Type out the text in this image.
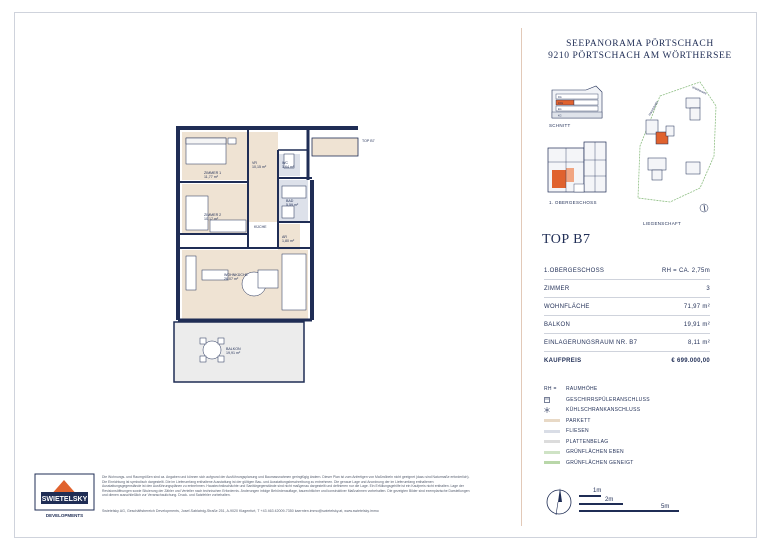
SEEPANORAMA PÖRTSCHACH
9210 PÖRTSCHACH AM WÖRTHERSEE
DG
1OG
EG
KG
SCHNITT
1. OBERGESCHOSS
Wörthersee
Hauptstraße
LIEGENSCHAFT
TOP B7
1.OBERGESCHOSS	RH = CA. 2,75m
ZIMMER	3
WOHNFLÄCHE	71,97 m²
BALKON	19,91 m²
EINLAGERUNGSRAUM NR. B7	8,11 m²
KAUFPREIS	€ 699.000,00
RH =	RAUMHÖHE
GESCHIRRSPÜLERANSCHLUSS
KÜHLSCHRANKANSCHLUSS
PARKETT
FLIESEN
PLATTENBELAG
GRÜNFLÄCHEN EBEN
GRÜNFLÄCHEN GENEIGT
1m
2m
5m
ZIMMER 1
11,77 m²
ZIMMER 2
10,17 m²
VR
10,15 m²
WC
1,64 m²
BAD
5,59 m²
AR
1,80 m²
WOHNKÜCHE
26,07 m²
BALKON
19,91 m²
KÜCHE
TOP B7
SWIETELSKY
DEVELOPMENTS
Die Wohnungs- und Raumgrößen sind ca. Angaben und können sich aufgrund der Ausführungsplanung und Baumassnahmen geringfügig ändern. Dieser Plan ist zum Anfertigen von Maßmöbeln nicht geeignet (dazu sind Naturmaße erforderlich). Die Einrichtung ist symbolisch dargestellt. Die im Lieferumfang enthaltene Ausstattung ist der gültigen Bau- und Ausstattungsbeschreibung zu entnehmen. Die genaue Lage und Anordnung der im Lieferumfang enthaltenen Ausstattungsgegenstände ist den Ausführungsplänen zu entnehmen. Haustechnikschächte und Sanitärgegenstände sind nicht maßgenau dargestellt und definieren nur die Lage. Ein Erfüllungsgehilfe ist ein Kaufpreis nicht enthalten. Lage der Revisionsöffnungen sowie Situierung der Zähler und Verteiler nach technischen Erfordernis. Änderungen infolge Behördenauflage, baurechtlicher und konstruktiver Maßnahmen vorbehalten. Die gezeigten Bilder sind exemplarische Darstellungen und dienen ausschließlich zur Veranschaulichung. Druck- und Satzfehler vorbehalten.
Swietelsky AG, Geschäftsbereich Developments, Josef-Sablatnig-Straße 251, A-9020 Klagenfurt, T +43 463 42009-7350 kaernten.immo@swietelsky.at, www.swietelsky.immo
